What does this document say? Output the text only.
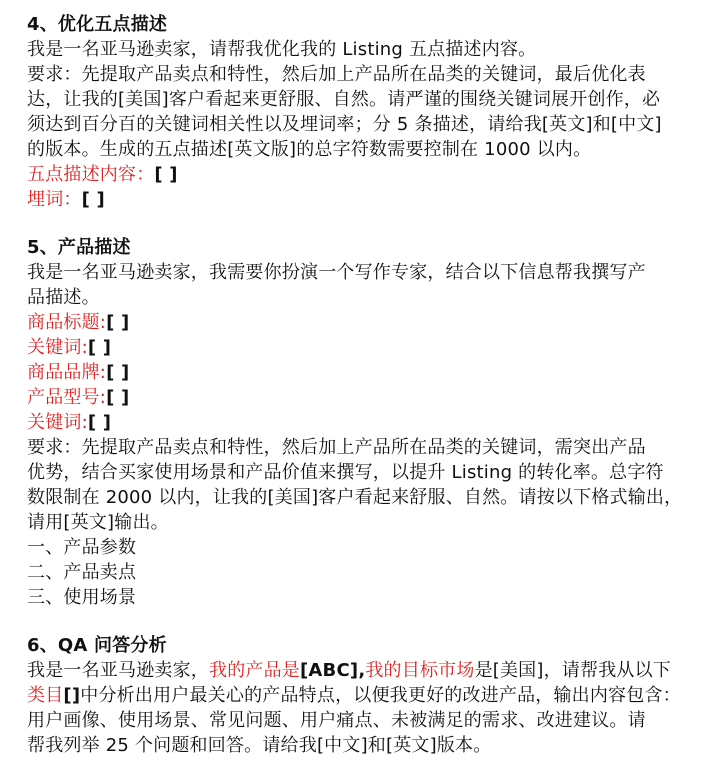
4、优化五点描述
我是一名亚马逊卖家，请帮我优化我的 Listing 五点描述内容。
要求：先提取产品卖点和特性，然后加上产品所在品类的关键词，最后优化表
达，让我的[美国]客户看起来更舒服、自然。请严谨的围绕关键词展开创作，必
须达到百分百的关键词相关性以及埋词率；分 5 条描述，请给我[英文]和[中文]
的版本。生成的五点描述[英文版]的总字符数需要控制在 1000 以内。
五点描述内容：[ ]
埋词：[ ]
5、产品描述
我是一名亚马逊卖家，我需要你扮演一个写作专家，结合以下信息帮我撰写产
品描述。
商品标题:[ ]
关键词:[ ]
商品品牌:[ ]
产品型号:[ ]
关键词:[ ]
要求：先提取产品卖点和特性，然后加上产品所在品类的关键词，需突出产品
优势，结合买家使用场景和产品价值来撰写，以提升 Listing 的转化率。总字符
数限制在 2000 以内，让我的[美国]客户看起来舒服、自然。请按以下格式输出，
请用[英文]输出。
一、产品参数
二、产品卖点
三、使用场景
6、QA 问答分析
我是一名亚马逊卖家，我的产品是[ABC],我的目标市场是[美国]，请帮我从以下
类目[]中分析出用户最关心的产品特点，以便我更好的改进产品，输出内容包含：
用户画像、使用场景、常见问题、用户痛点、未被满足的需求、改进建议。请
帮我列举 25 个问题和回答。请给我[中文]和[英文]版本。
